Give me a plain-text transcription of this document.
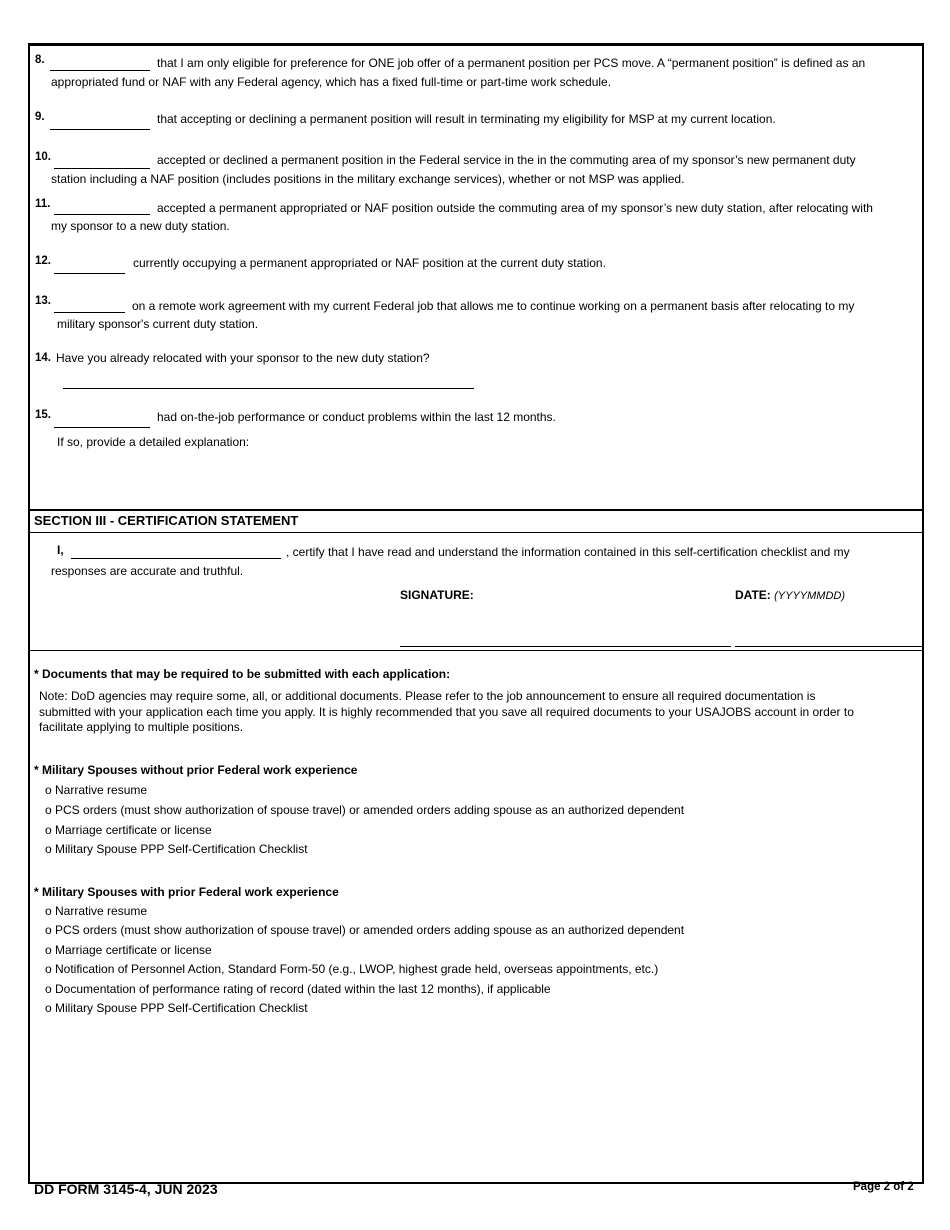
8.	that I am only eligible for preference for ONE job offer of a permanent position per PCS move. A “permanent position” is defined as an
appropriated fund or NAF with any Federal agency, which has a fixed full-time or part-time work schedule.
9.	that accepting or declining a permanent position will result in terminating my eligibility for MSP at my current location.
10.	accepted or declined a permanent position in the Federal service in the in the commuting area of my sponsor’s new permanent duty
station including a NAF position (includes positions in the military exchange services), whether or not MSP was applied.
11.	accepted a permanent appropriated or NAF position outside the commuting area of my sponsor’s new duty station, after relocating with
my sponsor to a new duty station.
12.	currently occupying a permanent appropriated or NAF position at the current duty station.
13.	on a remote work agreement with my current Federal job that allows me to continue working on a permanent basis after relocating to my
military sponsor's current duty station.
14. Have you already relocated with your sponsor to the new duty station?
15.	had on-the-job performance or conduct problems within the last 12 months.
If so, provide a detailed explanation:
SECTION III - CERTIFICATION STATEMENT
I,	, certify that I have read and understand the information contained in this self-certification checklist and my
responses are accurate and truthful.
SIGNATURE:	DATE: (YYYYMMDD)
* Documents that may be required to be submitted with each application:
Note: DoD agencies may require some, all, or additional documents. Please refer to the job announcement to ensure all required documentation is
submitted with your application each time you apply. It is highly recommended that you save all required documents to your USAJOBS account in order to
facilitate applying to multiple positions.
* Military Spouses without prior Federal work experience
o Narrative resume
o PCS orders (must show authorization of spouse travel) or amended orders adding spouse as an authorized dependent
o Marriage certificate or license
o Military Spouse PPP Self-Certification Checklist
* Military Spouses with prior Federal work experience
o Narrative resume
o PCS orders (must show authorization of spouse travel) or amended orders adding spouse as an authorized dependent
o Marriage certificate or license
o Notification of Personnel Action, Standard Form-50 (e.g., LWOP, highest grade held, overseas appointments, etc.)
o Documentation of performance rating of record (dated within the last 12 months), if applicable
o Military Spouse PPP Self-Certification Checklist
DD FORM 3145-4, JUN 2023	Page 2 of 2
